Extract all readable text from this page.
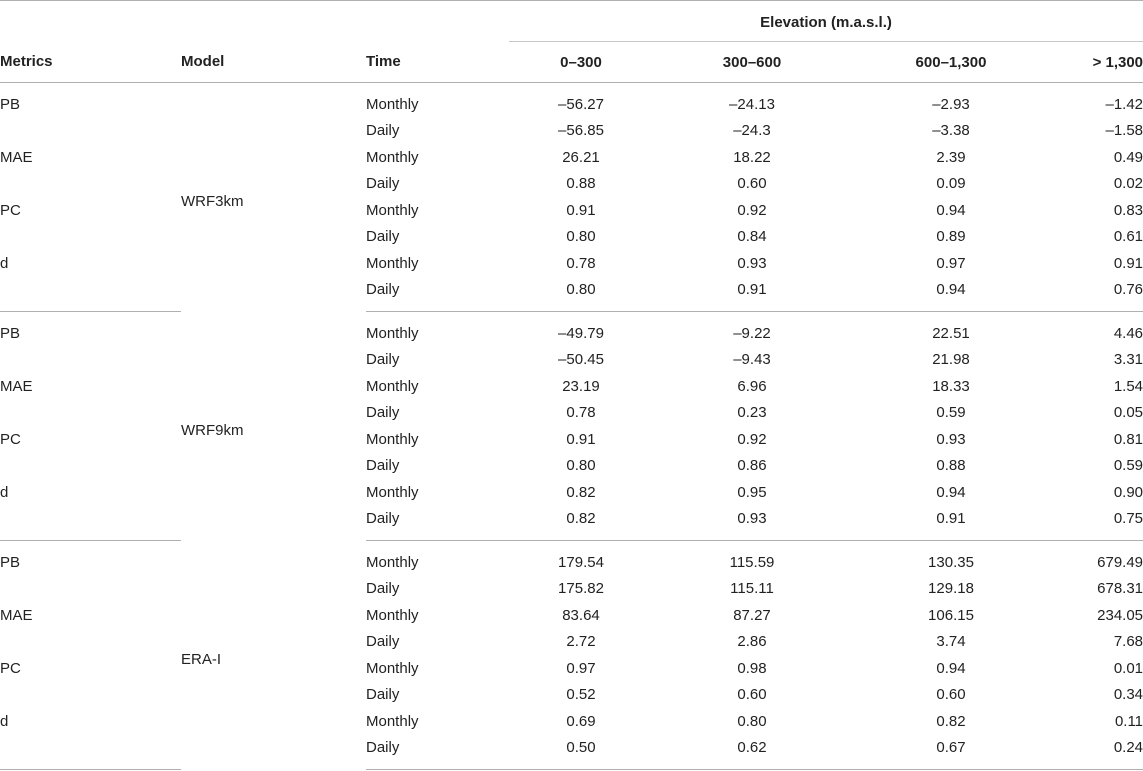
			Elevation (m.a.s.l.)			
Metrics	Model	Time	0–300	300–600	600–1,300	> 1,300
PB	WRF3km	Monthly	–56.27	–24.13	–2.93	–1.42
		Daily	–56.85	–24.3	–3.38	–1.58
MAE		Monthly	26.21	18.22	2.39	0.49
		Daily	0.88	0.60	0.09	0.02
PC		Monthly	0.91	0.92	0.94	0.83
		Daily	0.80	0.84	0.89	0.61
d		Monthly	0.78	0.93	0.97	0.91
		Daily	0.80	0.91	0.94	0.76
PB	WRF9km	Monthly	–49.79	–9.22	22.51	4.46
		Daily	–50.45	–9.43	21.98	3.31
MAE		Monthly	23.19	6.96	18.33	1.54
		Daily	0.78	0.23	0.59	0.05
PC		Monthly	0.91	0.92	0.93	0.81
		Daily	0.80	0.86	0.88	0.59
d		Monthly	0.82	0.95	0.94	0.90
		Daily	0.82	0.93	0.91	0.75
PB	ERA-I	Monthly	179.54	115.59	130.35	679.49
		Daily	175.82	115.11	129.18	678.31
MAE		Monthly	83.64	87.27	106.15	234.05
		Daily	2.72	2.86	3.74	7.68
PC		Monthly	0.97	0.98	0.94	0.01
		Daily	0.52	0.60	0.60	0.34
d		Monthly	0.69	0.80	0.82	0.11
		Daily	0.50	0.62	0.67	0.24
